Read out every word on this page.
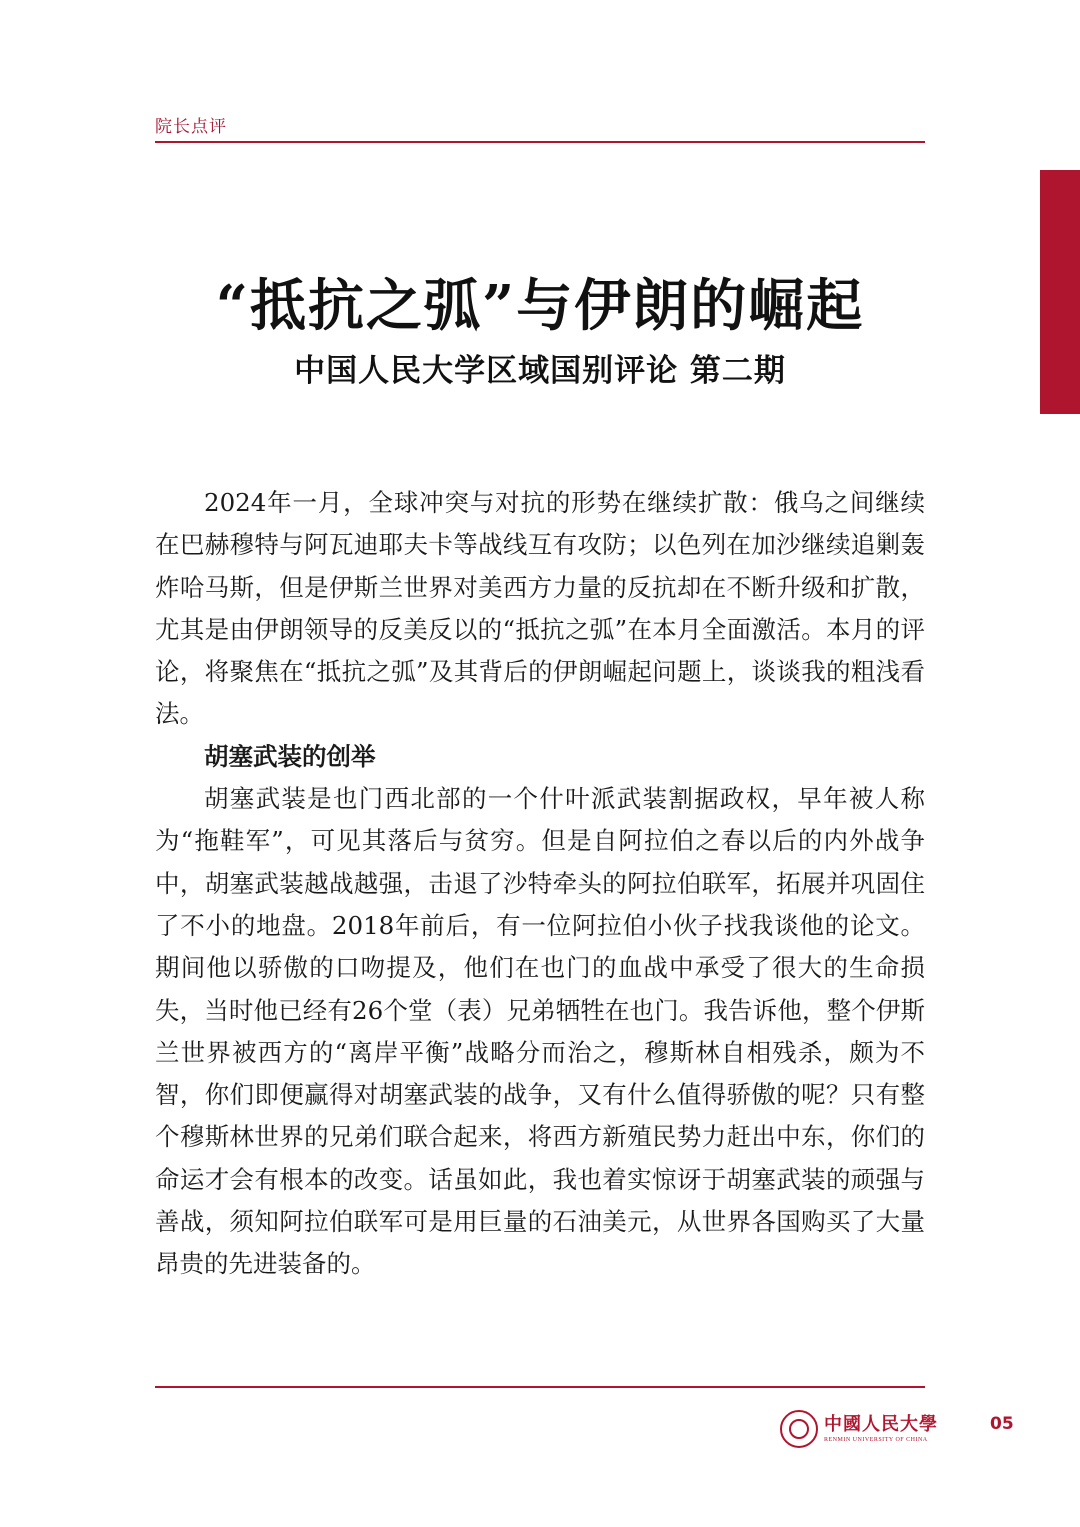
院长点评
“抵抗之弧”与伊朗的崛起
中国人民大学区域国别评论 第二期

2024年一月，全球冲突与对抗的形势在继续扩散：俄乌之间继续在巴赫穆特与阿瓦迪耶夫卡等战线互有攻防；以色列在加沙继续追剿轰炸哈马斯，但是伊斯兰世界对美西方力量的反抗却在不断升级和扩散，尤其是由伊朗领导的反美反以的“抵抗之弧”在本月全面激活。本月的评论，将聚焦在“抵抗之弧”及其背后的伊朗崛起问题上，谈谈我的粗浅看法。

胡塞武装的创举

胡塞武装是也门西北部的一个什叶派武装割据政权，早年被人称为“拖鞋军”，可见其落后与贫穷。但是自阿拉伯之春以后的内外战争中，胡塞武装越战越强，击退了沙特牵头的阿拉伯联军，拓展并巩固住了不小的地盘。2018年前后，有一位阿拉伯小伙子找我谈他的论文。期间他以骄傲的口吻提及，他们在也门的血战中承受了很大的生命损失，当时他已经有26个堂（表）兄弟牺牲在也门。我告诉他，整个伊斯兰世界被西方的“离岸平衡”战略分而治之，穆斯林自相残杀，颇为不智，你们即便赢得对胡塞武装的战争，又有什么值得骄傲的呢？只有整个穆斯林世界的兄弟们联合起来，将西方新殖民势力赶出中东，你们的命运才会有根本的改变。话虽如此，我也着实惊讶于胡塞武装的顽强与善战，须知阿拉伯联军可是用巨量的石油美元，从世界各国购买了大量昂贵的先进装备的。

中國人民大學
RENMIN UNIVERSITY OF CHINA
05
